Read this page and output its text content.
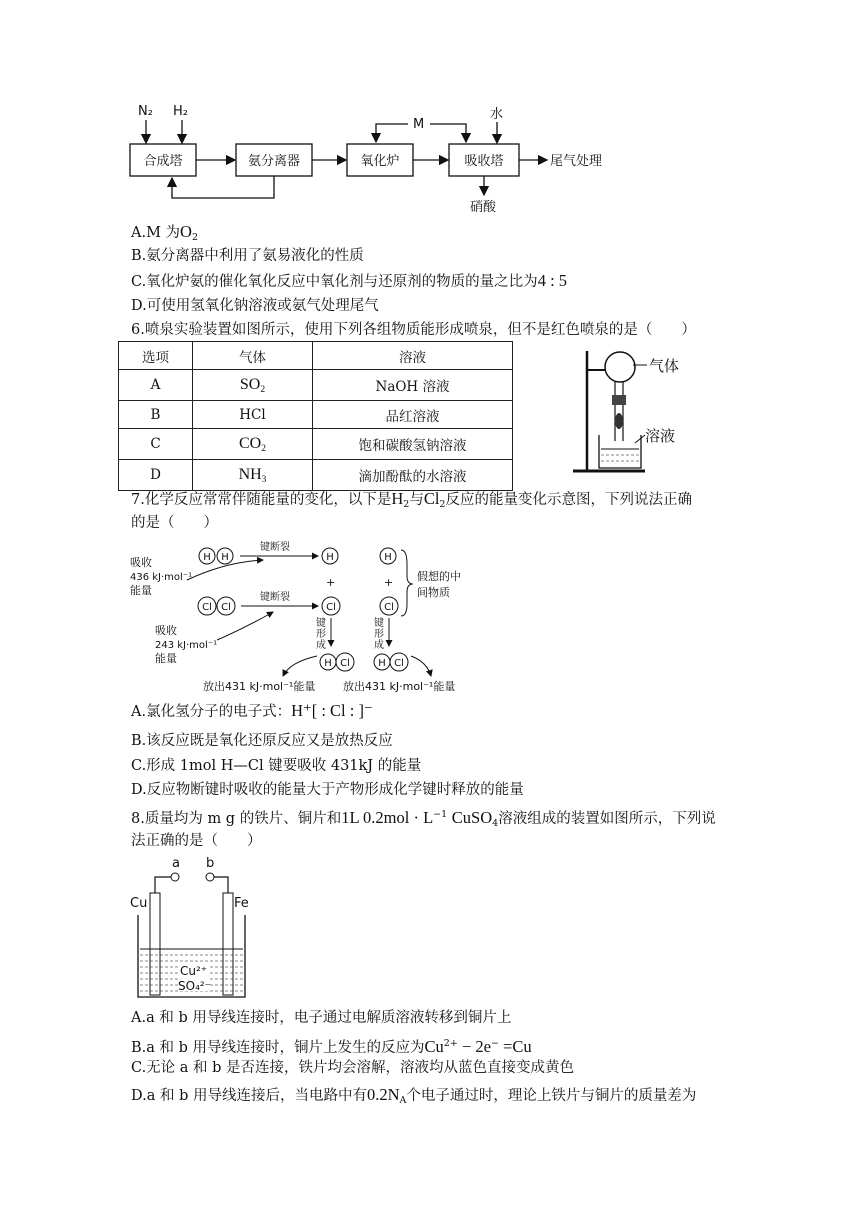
N₂ H₂
合成塔	氨分离器	氧化炉
M
吸收塔
水
尾气处理
硝酸
A.M 为$O_2$
B.氨分离器中利用了氨易液化的性质
C.氧化炉氨的催化氧化反应中氧化剂与还原剂的物质的量之比为4 : 5
D.可使用氢氧化钠溶液或氨气处理尾气
6.喷泉实验装置如图所示，使用下列各组物质能形成喷泉，但不是红色喷泉的是（　　）
选项	气体	溶液
A	$SO_2$	NaOH 溶液
B	HCl	品红溶液
C	$CO_2$	饱和碳酸氢钠溶液
D	$NH_3$	滴加酚酞的水溶液
气体
溶液
7.化学反应常常伴随能量的变化，以下是$H_2$与$Cl_2$反应的能量变化示意图，下列说法正确
的是（　　）
H H
键断裂
H
+
H
+
吸收
436 kJ·mol⁻¹
能量
Cl Cl
键断裂
Cl	Cl
吸收
243 kJ·mol⁻¹
能量
假想的中
间物质
键
形
成
键
形
成
H Cl	H Cl
放出431 kJ·mol⁻¹能量	放出431 kJ·mol⁻¹能量
A.氯化氢分子的电子式：H⁺[ : Cl : ]⁻
B.该反应既是氧化还原反应又是放热反应
C.形成 1mol H—Cl 键要吸收 431kJ 的能量
D.反应物断键时吸收的能量大于产物形成化学键时释放的能量
8.质量均为 m g 的铁片、铜片和1L $0.2mol \cdot L^{-1}$ CuSO$_4$溶液组成的装置如图所示，下列说
法正确的是（　　）
a b
Cu	Fe
Cu²⁺
SO₄²⁻
A.a 和 b 用导线连接时，电子通过电解质溶液转移到铜片上
B.a 和 b 用导线连接时，铜片上发生的反应为$Cu^{2+} - 2e^- =Cu$
C.无论 a 和 b 是否连接，铁片均会溶解，溶液均从蓝色直接变成黄色
D.a 和 b 用导线连接后，当电路中有$0.2N_A$个电子通过时，理论上铁片与铜片的质量差为
